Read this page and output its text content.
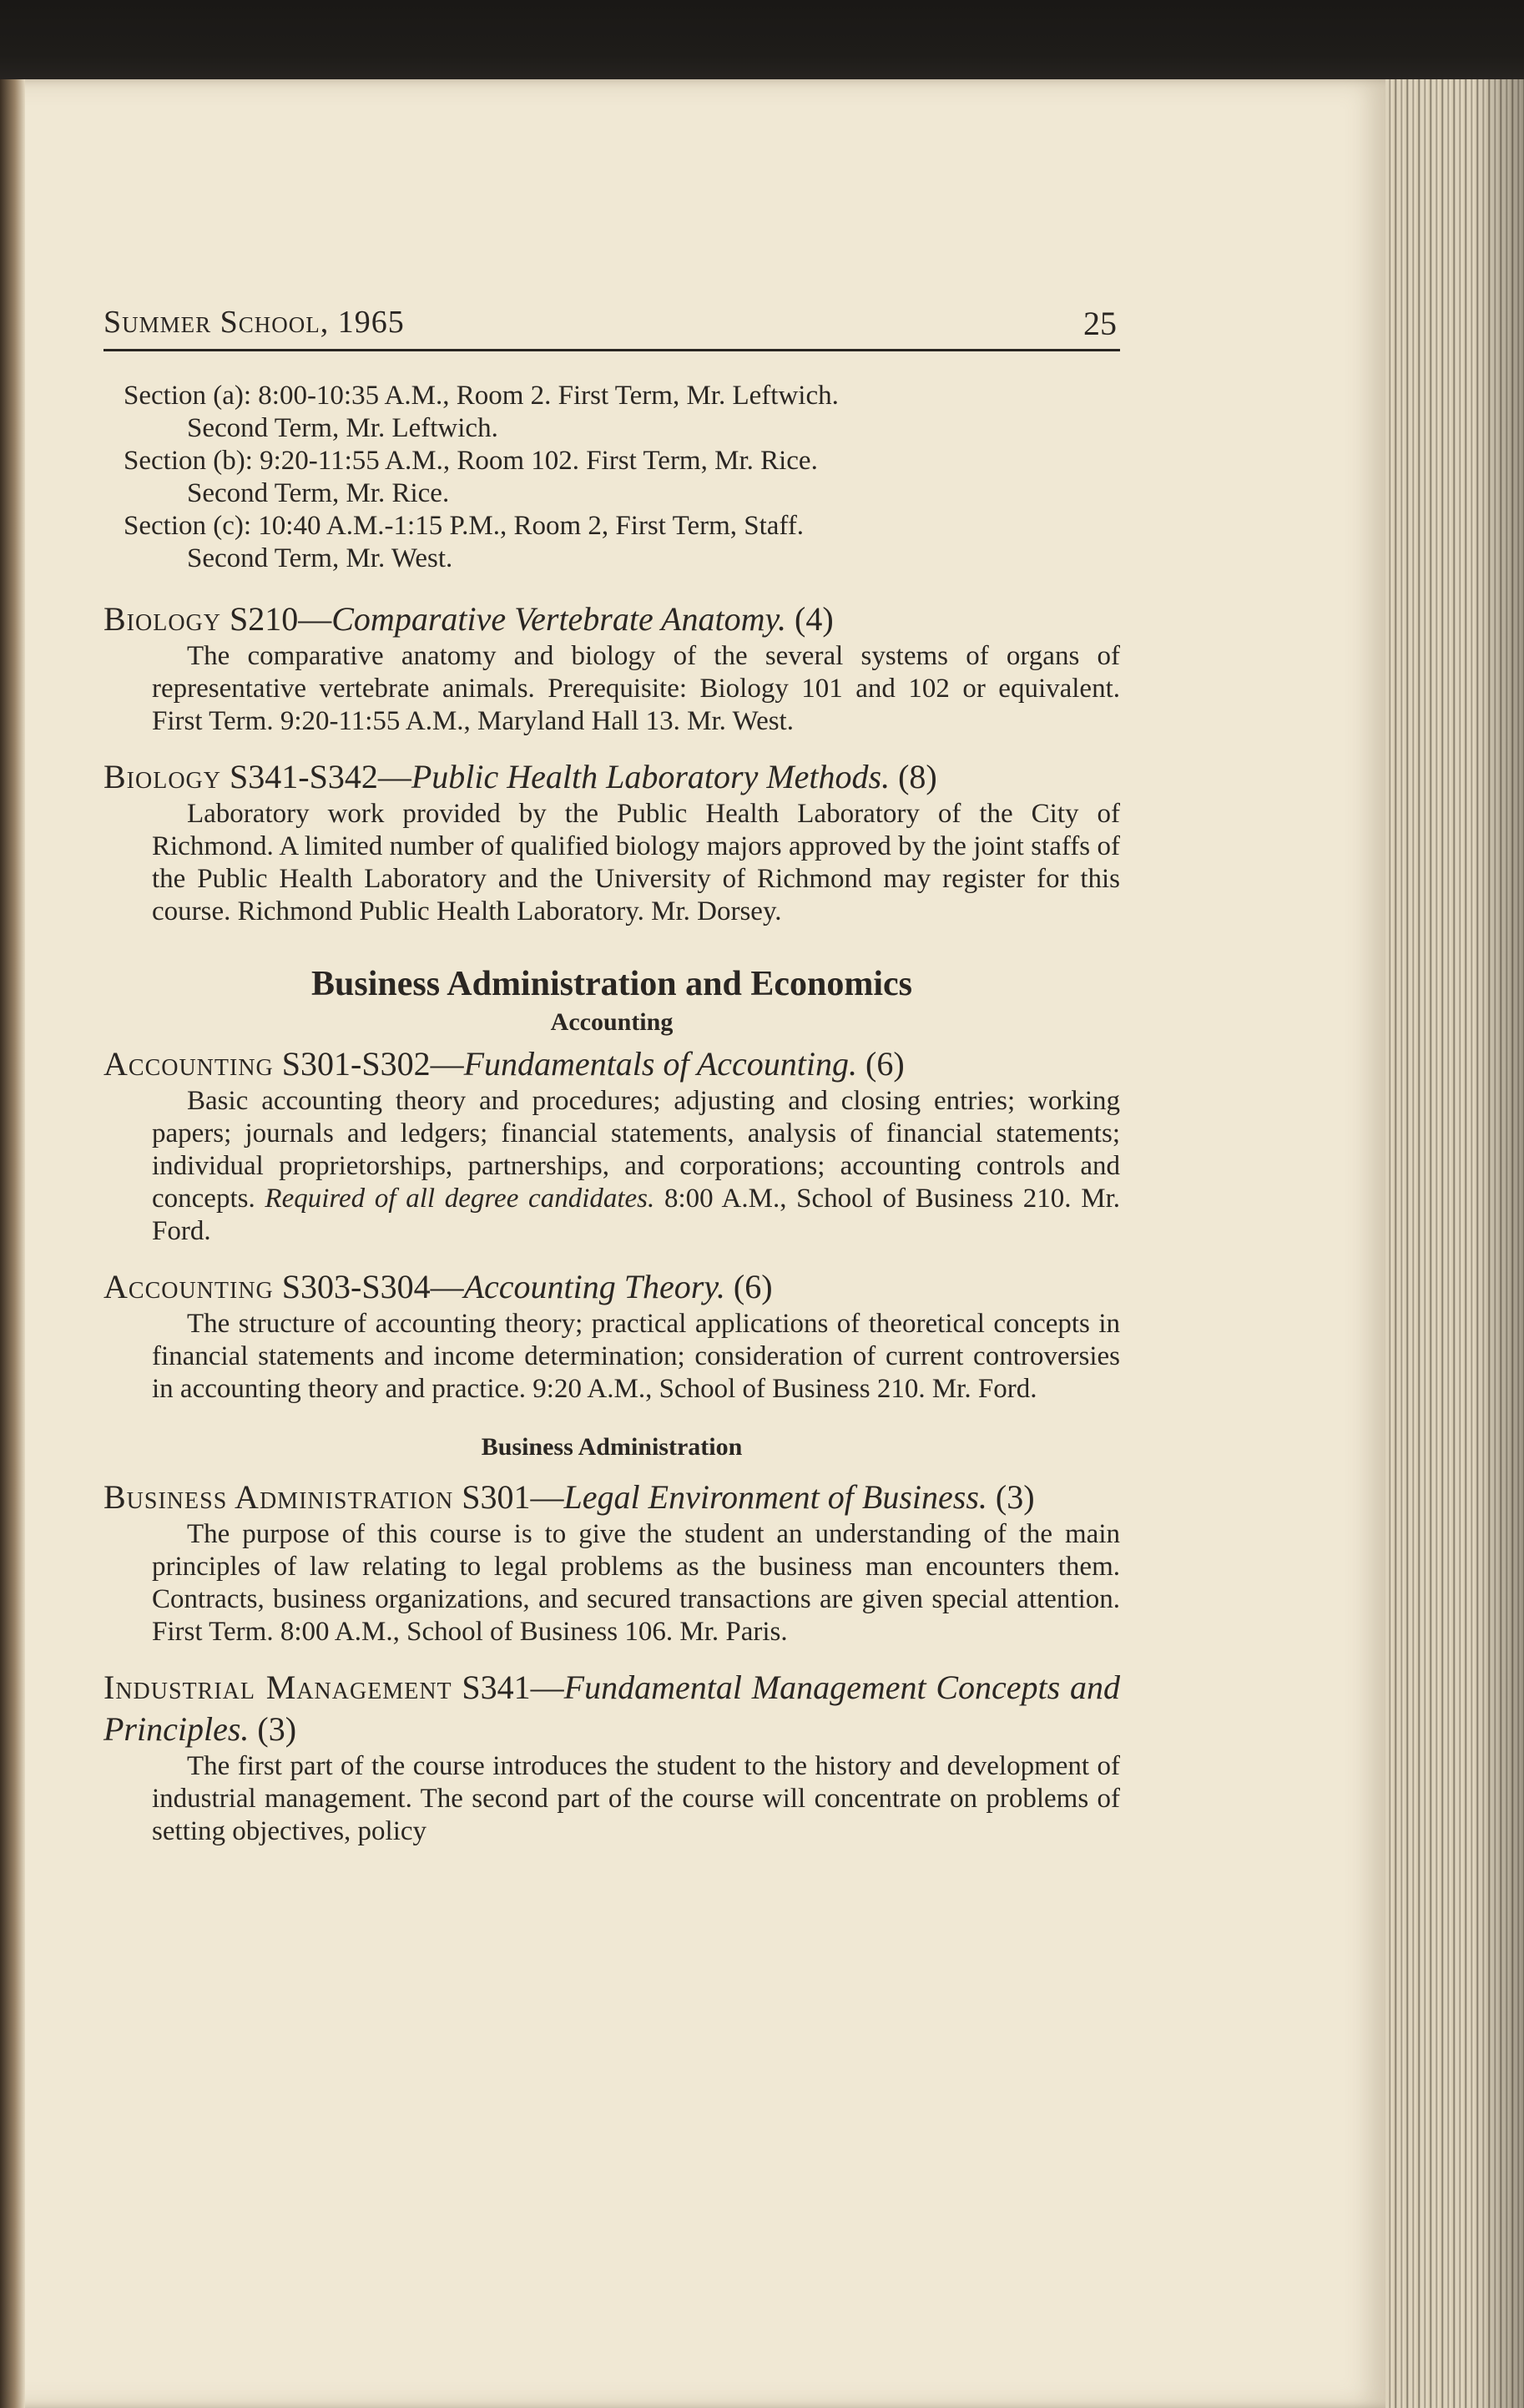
Summer School, 1965	25
Section (a): 8:00-10:35 A.M., Room 2. First Term, Mr. Leftwich.
Second Term, Mr. Leftwich.
Section (b): 9:20-11:55 A.M., Room 102. First Term, Mr. Rice.
Second Term, Mr. Rice.
Section (c): 10:40 A.M.-1:15 P.M., Room 2, First Term, Staff.
Second Term, Mr. West.
Biology S210—Comparative Vertebrate Anatomy. (4)
The comparative anatomy and biology of the several systems of organs of representative vertebrate animals. Prerequisite: Biology 101 and 102 or equivalent. First Term. 9:20-11:55 A.M., Maryland Hall 13. Mr. West.
Biology S341-S342—Public Health Laboratory Methods. (8)
Laboratory work provided by the Public Health Laboratory of the City of Richmond. A limited number of qualified biology majors approved by the joint staffs of the Public Health Laboratory and the University of Richmond may register for this course. Richmond Public Health Laboratory. Mr. Dorsey.
Business Administration and Economics
Accounting
Accounting S301-S302—Fundamentals of Accounting. (6)
Basic accounting theory and procedures; adjusting and closing entries; working papers; journals and ledgers; financial statements, analysis of financial statements; individual proprietorships, partnerships, and corporations; accounting controls and concepts. Required of all degree candidates. 8:00 A.M., School of Business 210. Mr. Ford.
Accounting S303-S304—Accounting Theory. (6)
The structure of accounting theory; practical applications of theoretical concepts in financial statements and income determination; consideration of current controversies in accounting theory and practice. 9:20 A.M., School of Business 210. Mr. Ford.
Business Administration
Business Administration S301—Legal Environment of Business. (3)
The purpose of this course is to give the student an understanding of the main principles of law relating to legal problems as the business man encounters them. Contracts, business organizations, and secured transactions are given special attention. First Term. 8:00 A.M., School of Business 106. Mr. Paris.
Industrial Management S341—Fundamental Management Concepts and Principles. (3)
The first part of the course introduces the student to the history and development of industrial management. The second part of the course will concentrate on problems of setting objectives, policy
